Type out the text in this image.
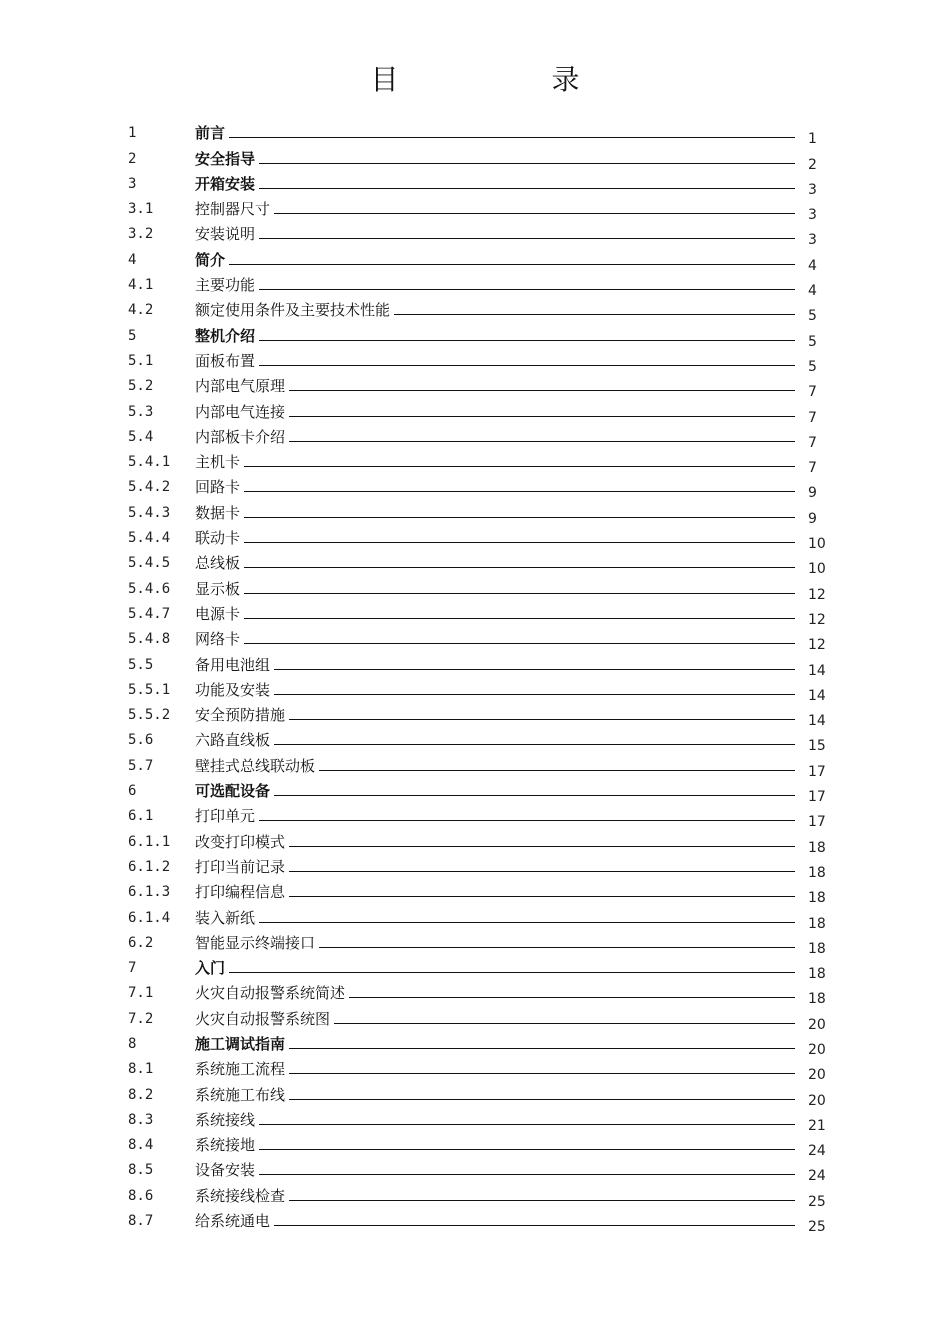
目 录
1	前言	1
2	安全指导	2
3	开箱安装	3
3.1	控制器尺寸	3
3.2	安装说明	3
4	简介	4
4.1	主要功能	4
4.2	额定使用条件及主要技术性能	5
5	整机介绍	5
5.1	面板布置	5
5.2	内部电气原理	7
5.3	内部电气连接	7
5.4	内部板卡介绍	7
5.4.1 主机卡	7
5.4.2 回路卡	9
5.4.3 数据卡	9
5.4.4 联动卡	10
5.4.5 总线板	10
5.4.6 显示板	12
5.4.7 电源卡	12
5.4.8 网络卡	12
5.5	备用电池组	14
5.5.1 功能及安装	14
5.5.2 安全预防措施	14
5.6	六路直线板	15
5.7	壁挂式总线联动板	17
6	可选配设备	17
6.1	打印单元	17
6.1.1 改变打印模式	18
6.1.2 打印当前记录	18
6.1.3 打印编程信息	18
6.1.4 装入新纸	18
6.2	智能显示终端接口	18
7	入门	18
7.1	火灾自动报警系统简述	18
7.2	火灾自动报警系统图	20
8	施工调试指南	20
8.1	系统施工流程	20
8.2	系统施工布线	20
8.3	系统接线	21
8.4	系统接地	24
8.5	设备安装	24
8.6	系统接线检查	25
8.7	给系统通电	25
